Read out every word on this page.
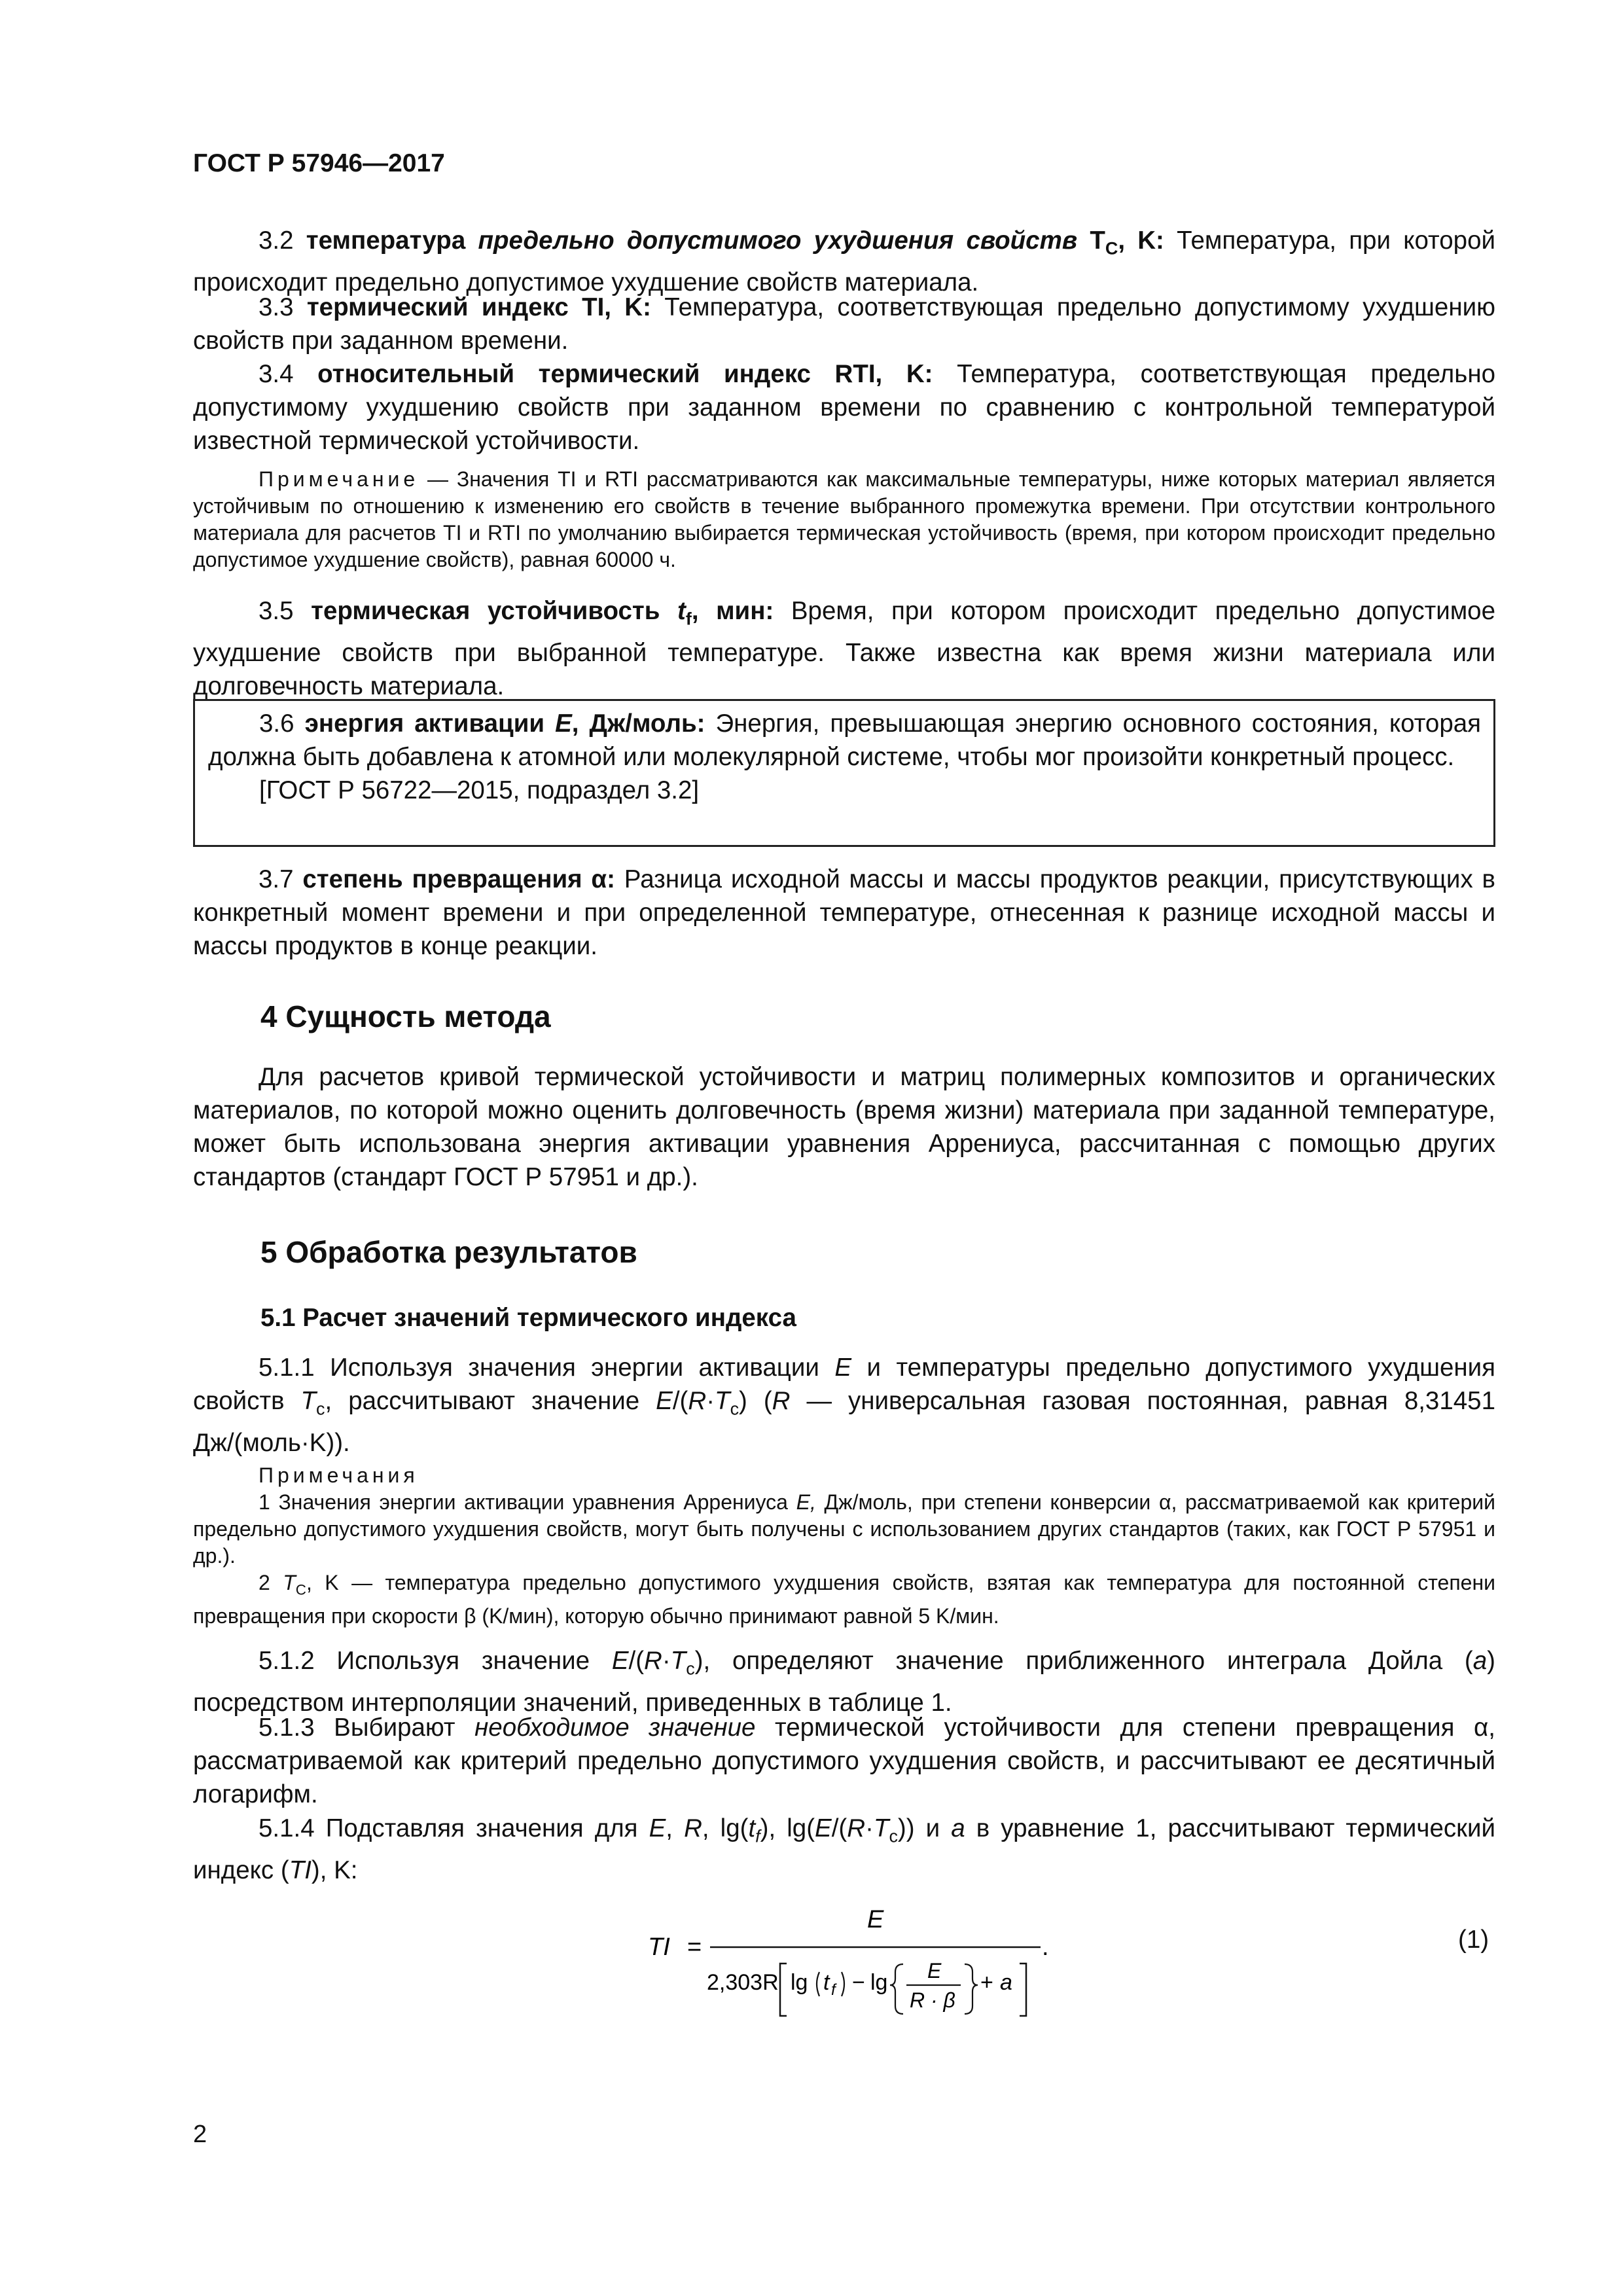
ГОСТ Р 57946—2017
3.2 температура предельно допустимого ухудшения свойств $T_C$, K: Температура, при которой происходит предельно допустимое ухудшение свойств материала.
3.3 термический индекс TI, K: Температура, соответствующая предельно допустимому ухудшению свойств при заданном времени.
3.4 относительный термический индекс RTI, K: Температура, соответствующая предельно допустимому ухудшению свойств при заданном времени по сравнению с контрольной температурой известной термической устойчивости.
Примечание — Значения TI и RTI рассматриваются как максимальные температуры, ниже которых материал является устойчивым по отношению к изменению его свойств в течение выбранного промежутка времени. При отсутствии контрольного материала для расчетов TI и RTI по умолчанию выбирается термическая устойчивость (время, при котором происходит предельно допустимое ухудшение свойств), равная 60000 ч.
3.5 термическая устойчивость $t_f$, мин: Время, при котором происходит предельно допустимое ухудшение свойств при выбранной температуре. Также известна как время жизни материала или долговечность материала.
3.6 энергия активации E, Дж/моль: Энергия, превышающая энергию основного состояния, которая должна быть добавлена к атомной или молекулярной системе, чтобы мог произойти конкретный процесс.
[ГОСТ Р 56722—2015, подраздел 3.2]
3.7 степень превращения α: Разница исходной массы и массы продуктов реакции, присутствующих в конкретный момент времени и при определенной температуре, отнесенная к разнице исходной массы и массы продуктов в конце реакции.
4 Сущность метода
Для расчетов кривой термической устойчивости и матриц полимерных композитов и органических материалов, по которой можно оценить долговечность (время жизни) материала при заданной температуре, может быть использована энергия активации уравнения Аррениуса, рассчитанная с помощью других стандартов (стандарт ГОСТ Р 57951 и др.).
5 Обработка результатов
5.1 Расчет значений термического индекса
5.1.1 Используя значения энергии активации E и температуры предельно допустимого ухудшения свойств $T_с$, рассчитывают значение $E/(R\cdot T_с)$ (R — универсальная газовая постоянная, равная 8,31451 Дж/(моль·K)).
Примечания
1 Значения энергии активации уравнения Аррениуса E, Дж/моль, при степени конверсии α, рассматриваемой как критерий предельно допустимого ухудшения свойств, могут быть получены с использованием других стандартов (таких, как ГОСТ Р 57951 и др.).
2 $T_C$, K — температура предельно допустимого ухудшения свойств, взятая как температура для постоянной степени превращения при скорости β (K/мин), которую обычно принимают равной 5 K/мин.
5.1.2 Используя значение $E/(R\cdot T_с)$, определяют значение приближенного интеграла Дойла (a) посредством интерполяции значений, приведенных в таблице 1.
5.1.3 Выбирают необходимое значение термической устойчивости для степени превращения α, рассматриваемой как критерий предельно допустимого ухудшения свойств, и рассчитывают ее десятичный логарифм.
5.1.4 Подставляя значения для E, R, $\lg(t_f)$, $\lg(E/(R\cdot T_с))$ и a в уравнение 1, рассчитывают термический индекс (TI), K:
TI =
E
.
2,303R lg t f − lg E
R · β
+ a
(1)
2
